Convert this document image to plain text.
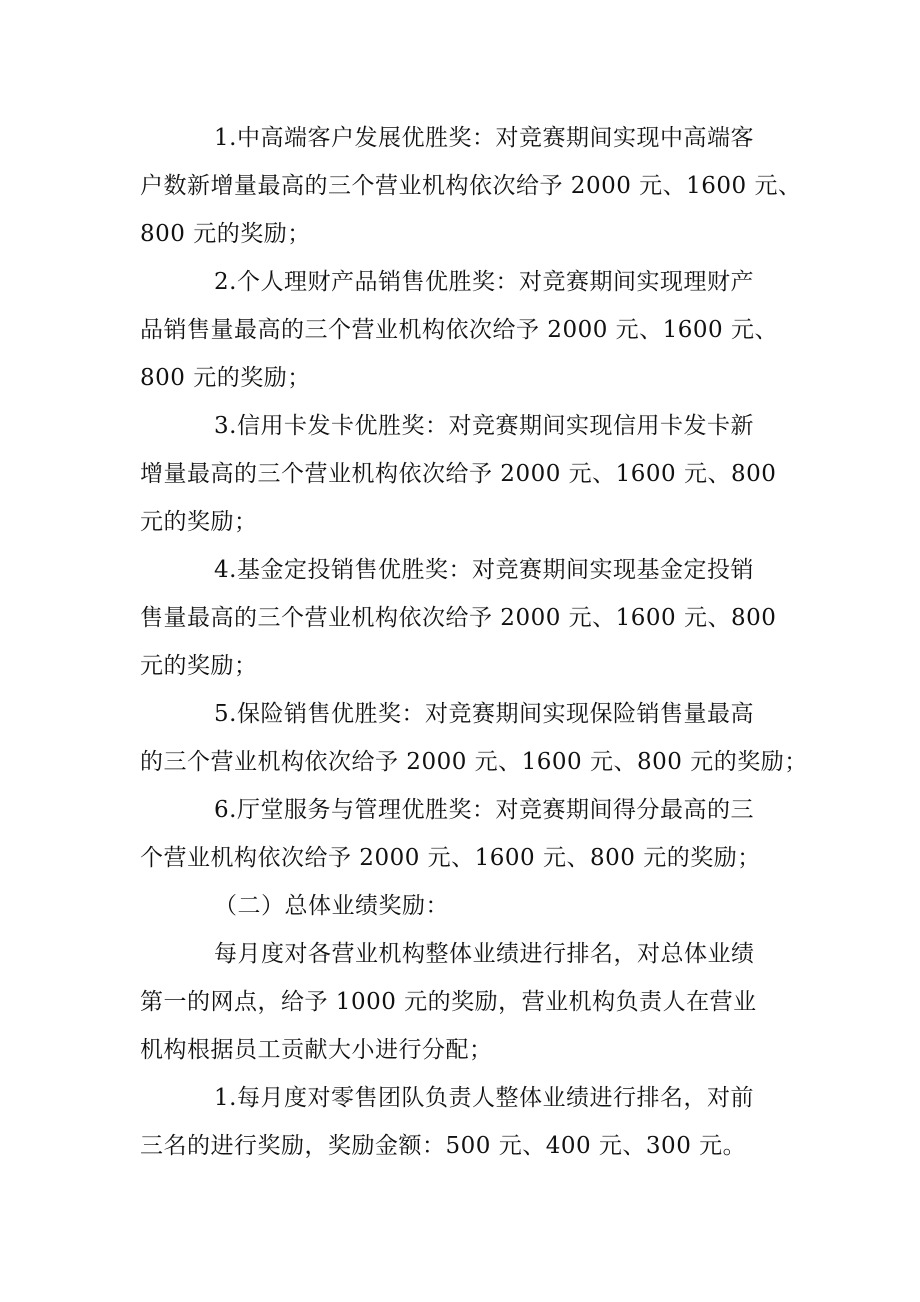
1.中高端客户发展优胜奖：对竞赛期间实现中高端客
户数新增量最高的三个营业机构依次给予 2000 元、1600 元、
800 元的奖励；
2.个人理财产品销售优胜奖：对竞赛期间实现理财产
品销售量最高的三个营业机构依次给予 2000 元、1600 元、
800 元的奖励；
3.信用卡发卡优胜奖：对竞赛期间实现信用卡发卡新
增量最高的三个营业机构依次给予 2000 元、1600 元、800
元的奖励；
4.基金定投销售优胜奖：对竞赛期间实现基金定投销
售量最高的三个营业机构依次给予 2000 元、1600 元、800
元的奖励；
5.保险销售优胜奖：对竞赛期间实现保险销售量最高
的三个营业机构依次给予 2000 元、1600 元、800 元的奖励；
6.厅堂服务与管理优胜奖：对竞赛期间得分最高的三
个营业机构依次给予 2000 元、1600 元、800 元的奖励；
（二）总体业绩奖励：
每月度对各营业机构整体业绩进行排名，对总体业绩
第一的网点，给予 1000 元的奖励，营业机构负责人在营业
机构根据员工贡献大小进行分配；
1.每月度对零售团队负责人整体业绩进行排名，对前
三名的进行奖励，奖励金额：500 元、400 元、300 元。
